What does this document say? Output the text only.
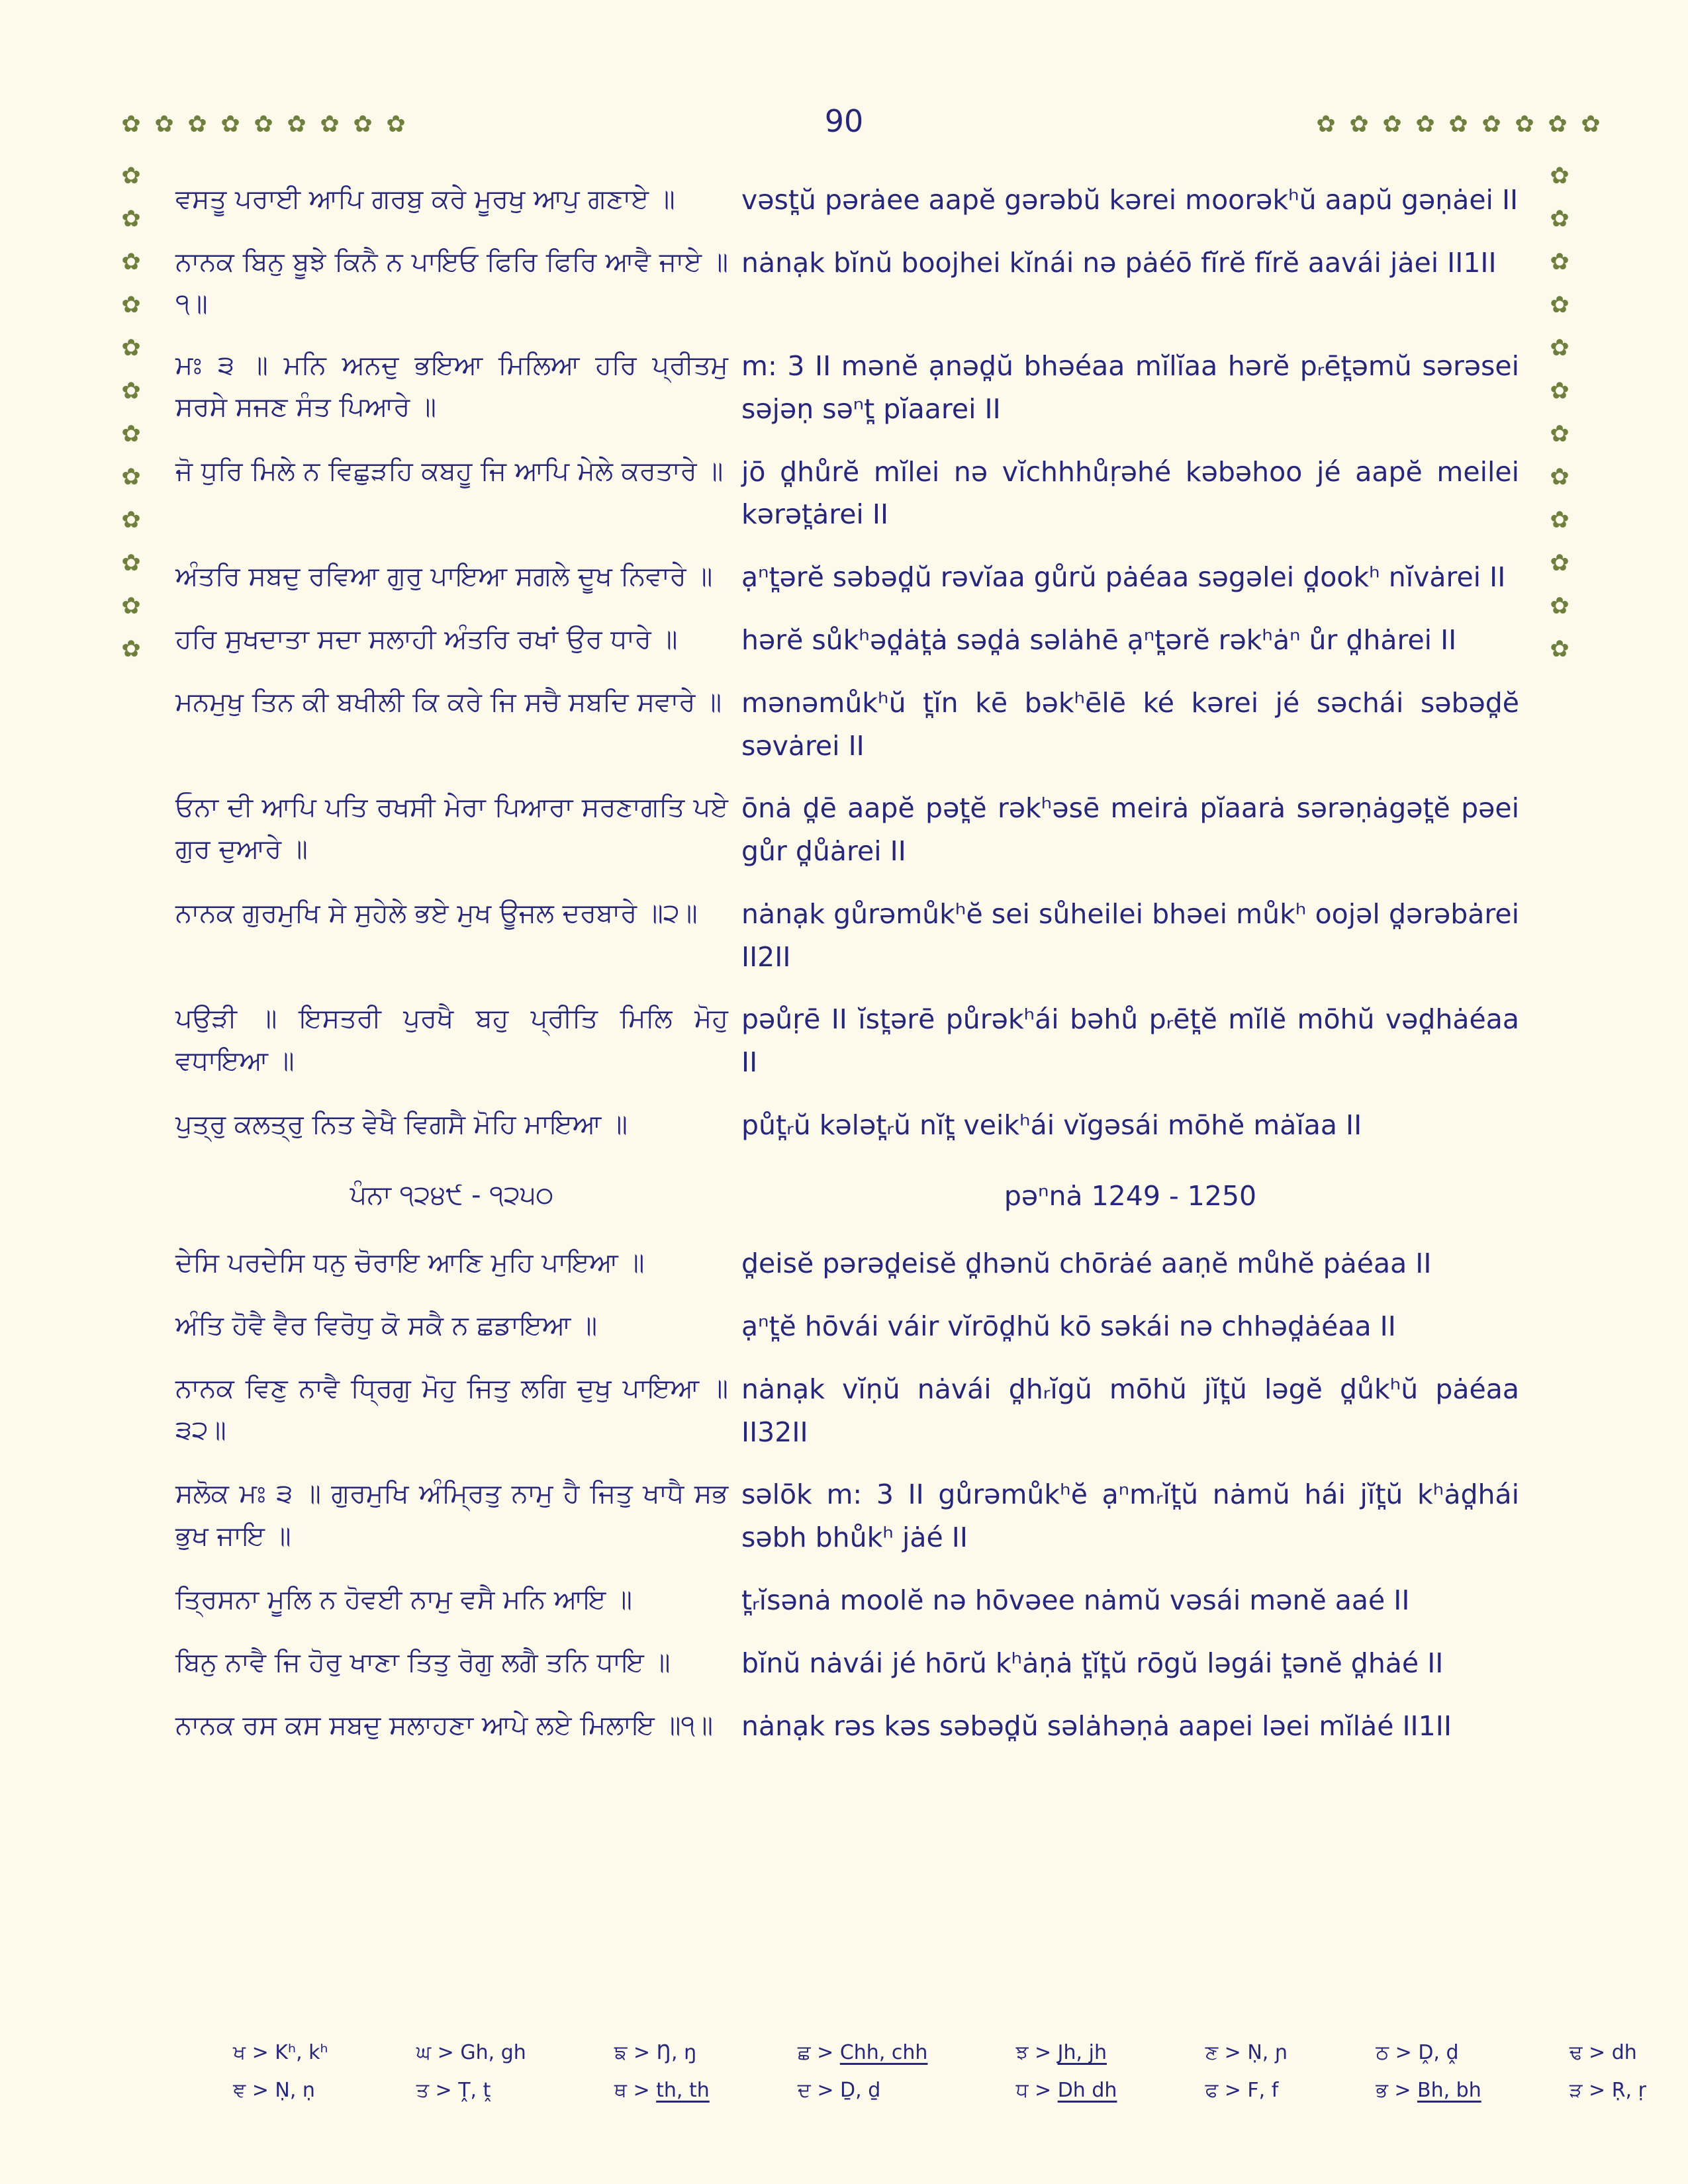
90
✿ ✿ ✿ ✿ ✿ ✿ ✿ ✿ ✿	✿ ✿ ✿ ✿ ✿ ✿ ✿ ✿ ✿
✿
✿
✿
✿
✿
✿
✿
✿
✿
✿
✿
✿
✿
✿
✿
✿
✿
✿
✿
✿
✿
✿
✿
✿
ਵਸਤੂ ਪਰਾਈ ਆਪਿ ਗਰਬੁ ਕਰੇ ਮੂਰਖੁ ਆਪੁ ਗਣਾਏ ॥	vəst̪ŭ pərȧee aapĕ gərəbŭ kərei moorəkʰŭ aapŭ gəṇȧei II
ਨਾਨਕ ਬਿਨੁ ਬੂਝੇ ਕਿਨੈ ਨ ਪਾਇਓ ਫਿਰਿ ਫਿਰਿ ਆਵੈ ਜਾਏ ॥੧॥
nȧnạk bĭnŭ boojhei kĭnái nə pȧéō fĭrĕ fĭrĕ aavái jȧei II1II
ਮਃ ੩ ॥ ਮਨਿ ਅਨਦੁ ਭਇਆ ਮਿਲਿਆ ਹਰਿ ਪ੍ਰੀਤਮੁ ਸਰਸੇ ਸਜਣ ਸੰਤ ਪਿਆਰੇ ॥
m: 3 II mənĕ ạnəd̪ŭ bhəéaa mĭlĭaa hərĕ pᵣēt̪əmŭ sərəsei səjəṇ səⁿt̪ pĭaarei II
ਜੋ ਧੁਰਿ ਮਿਲੇ ਨ ਵਿਛੁੜਹਿ ਕਬਹੂ ਜਿ ਆਪਿ ਮੇਲੇ ਕਰਤਾਰੇ ॥ jō d̪hůrĕ mĭlei nə vĭchhhůṛəhé kəbəhoo jé aapĕ meilei kərət̪ȧrei II
ਅੰਤਰਿ ਸਬਦੁ ਰਵਿਆ ਗੁਰੁ ਪਾਇਆ ਸਗਲੇ ਦੂਖ ਨਿਵਾਰੇ ॥	ạⁿt̪ərĕ səbəd̪ŭ rəvĭaa gůrŭ pȧéaa səgəlei d̪ookʰ nĭvȧrei II
ਹਰਿ ਸੁਖਦਾਤਾ ਸਦਾ ਸਲਾਹੀ ਅੰਤਰਿ ਰਖਾਂ ਉਰ ਧਾਰੇ ॥	hərĕ sůkʰəd̪ȧt̪ȧ səd̪ȧ səlȧhē ạⁿt̪ərĕ rəkʰȧⁿ ůr d̪hȧrei II
ਮਨਮੁਖੁ ਤਿਨ ਕੀ ਬਖੀਲੀ ਕਿ ਕਰੇ ਜਿ ਸਚੈ ਸਬਦਿ ਸਵਾਰੇ ॥ mənəmůkʰŭ t̪ĭn kē bəkʰēlē ké kərei jé səchái səbəd̪ĕ səvȧrei II
ਓਨਾ ਦੀ ਆਪਿ ਪਤਿ ਰਖਸੀ ਮੇਰਾ ਪਿਆਰਾ ਸਰਣਾਗਤਿ ਪਏ ਗੁਰ ਦੁਆਰੇ ॥
ōnȧ d̪ē aapĕ pət̪ĕ rəkʰəsē meirȧ pĭaarȧ sərəṇȧgət̪ĕ pəei gůr d̪ůȧrei II
ਨਾਨਕ ਗੁਰਮੁਖਿ ਸੇ ਸੁਹੇਲੇ ਭਏ ਮੁਖ ਊਜਲ ਦਰਬਾਰੇ ॥੨॥	nȧnạk gůrəmůkʰĕ sei sůheilei bhəei můkʰ oojəl d̪ərəbȧrei II2II
ਪਉੜੀ ॥ ਇਸਤਰੀ ਪੁਰਖੈ ਬਹੁ ਪ੍ਰੀਤਿ ਮਿਲਿ ਮੋਹੁ ਵਧਾਇਆ ॥
pəůṛē II ĭst̪ərē půrəkʰái bəhů pᵣēt̪ĕ mĭlĕ mōhŭ vəd̪hȧéaa II
ਪੁਤ੍ਰੁ ਕਲਤ੍ਰੁ ਨਿਤ ਵੇਖੈ ਵਿਗਸੈ ਮੋਹਿ ਮਾਇਆ ॥	půt̪ᵣŭ kələt̪ᵣŭ nĭt̪ veikʰái vĭgəsái mōhĕ mȧĭaa II
ਪੰਨਾ ੧੨੪੯ - ੧੨੫੦	pəⁿnȧ 1249 - 1250
ਦੇਸਿ ਪਰਦੇਸਿ ਧਨੁ ਚੋਰਾਇ ਆਣਿ ਮੁਹਿ ਪਾਇਆ ॥	d̪eisĕ pərəd̪eisĕ d̪hənŭ chōrȧé aaṇĕ můhĕ pȧéaa II
ਅੰਤਿ ਹੋਵੈ ਵੈਰ ਵਿਰੋਧੁ ਕੋ ਸਕੈ ਨ ਛਡਾਇਆ ॥	ạⁿt̪ĕ hōvái váir vĭrōd̪hŭ kō səkái nə chhəd̪ȧéaa II
ਨਾਨਕ ਵਿਣੁ ਨਾਵੈ ਧ੍ਰਿਗੁ ਮੋਹੁ ਜਿਤੁ ਲਗਿ ਦੁਖੁ ਪਾਇਆ ॥੩੨॥
nȧnạk vĭṇŭ nȧvái d̪hᵣĭgŭ mōhŭ jĭt̪ŭ ləgĕ d̪ůkʰŭ pȧéaa II32II
ਸਲੋਕ ਮਃ ੩ ॥ ਗੁਰਮੁਖਿ ਅੰਮ੍ਰਿਤੁ ਨਾਮੁ ਹੈ ਜਿਤੁ ਖਾਧੈ ਸਭ ਭੁਖ ਜਾਇ ॥
səlōk m: 3 II gůrəmůkʰĕ ạⁿmᵣĭt̪ŭ nȧmŭ hái jĭt̪ŭ kʰȧd̪hái səbh bhůkʰ jȧé II
ਤ੍ਰਿਸਨਾ ਮੂਲਿ ਨ ਹੋਵਈ ਨਾਮੁ ਵਸੈ ਮਨਿ ਆਇ ॥	t̪ᵣĭsənȧ moolĕ nə hōvəee nȧmŭ vəsái mənĕ aaé II
ਬਿਨੁ ਨਾਵੈ ਜਿ ਹੋਰੁ ਖਾਣਾ ਤਿਤੁ ਰੋਗੁ ਲਗੈ ਤਨਿ ਧਾਇ ॥	bĭnŭ nȧvái jé hōrŭ kʰȧṇȧ t̪ĭt̪ŭ rōgŭ ləgái t̪ənĕ d̪hȧé II
ਨਾਨਕ ਰਸ ਕਸ ਸਬਦੁ ਸਲਾਹਣਾ ਆਪੇ ਲਏ ਮਿਲਾਇ ॥੧॥	nȧnạk rəs kəs səbəd̪ŭ səlȧhəṇȧ aapei ləei mĭlȧé II1II
ਖ > Kʰ, kʰ	ਘ > Gh, gh	ਙ > Ŋ, ŋ	ਛ > Chh, chh	ਝ > Jh, jh	ਣ > Ṇ, ɲ	ਠ > Ḓ, ḓ	ਢ > dh
ਞ > Ṇ, ṇ	ਤ > Ṱ, ṱ	ਥ > th, th	ਦ > Ḏ, ḏ	ਧ > Dh dh	ਫ > F, f	ਭ > Bh, bh	ੜ > Ṛ, ṛ
